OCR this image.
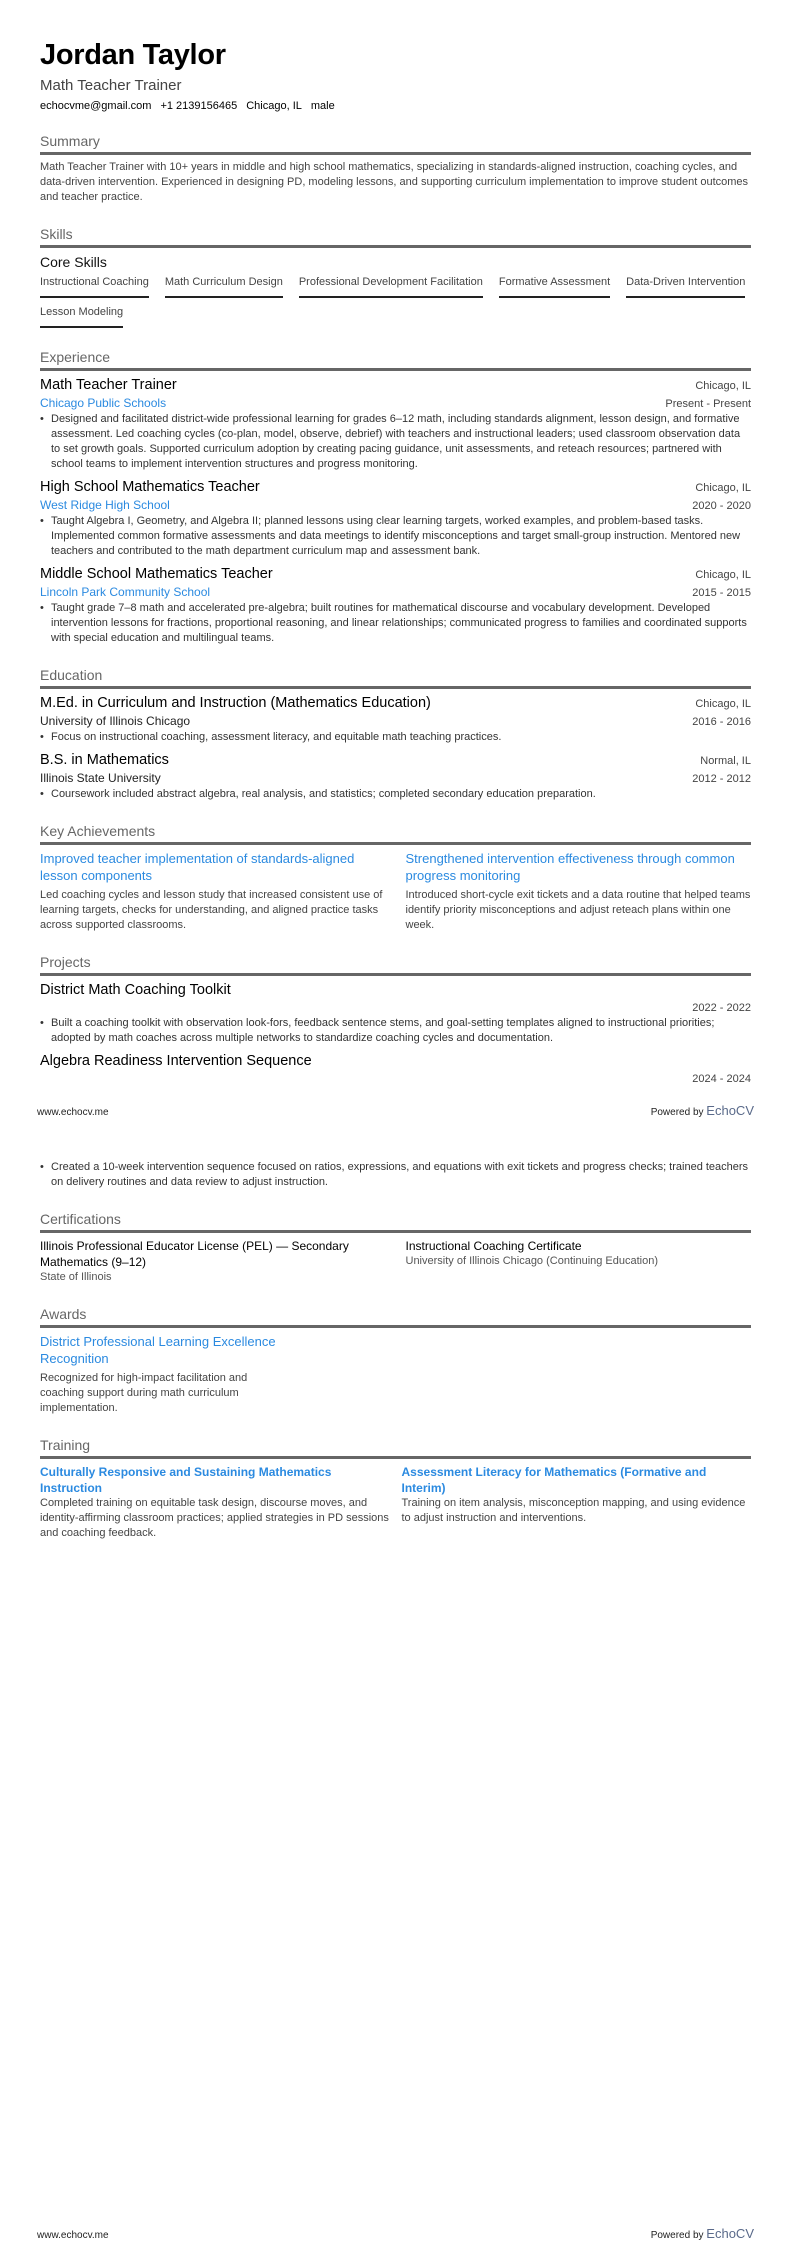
Jordan Taylor
Math Teacher Trainer
echocvme@gmail.com +1 2139156465 Chicago, IL male
Summary
Math Teacher Trainer with 10+ years in middle and high school mathematics, specializing in standards-aligned instruction, coaching cycles, and data-driven intervention. Experienced in designing PD, modeling lessons, and supporting curriculum implementation to improve student outcomes and teacher practice.
Skills
Core Skills
Instructional Coaching Math Curriculum Design Professional Development Facilitation Formative Assessment Data-Driven Intervention
Lesson Modeling
Experience
Math Teacher Trainer	Chicago, IL
Chicago Public Schools	Present - Present
• Designed and facilitated district-wide professional learning for grades 6–12 math, including standards alignment, lesson design, and formative assessment. Led coaching cycles (co-plan, model, observe, debrief) with teachers and instructional leaders; used classroom observation data to set growth goals. Supported curriculum adoption by creating pacing guidance, unit assessments, and reteach resources; partnered with school teams to implement intervention structures and progress monitoring.
High School Mathematics Teacher	Chicago, IL
West Ridge High School	2020 - 2020
• Taught Algebra I, Geometry, and Algebra II; planned lessons using clear learning targets, worked examples, and problem-based tasks. Implemented common formative assessments and data meetings to identify misconceptions and target small-group instruction. Mentored new teachers and contributed to the math department curriculum map and assessment bank.
Middle School Mathematics Teacher	Chicago, IL
Lincoln Park Community School	2015 - 2015
• Taught grade 7–8 math and accelerated pre-algebra; built routines for mathematical discourse and vocabulary development. Developed intervention lessons for fractions, proportional reasoning, and linear relationships; communicated progress to families and coordinated supports with special education and multilingual teams.
Education
M.Ed. in Curriculum and Instruction (Mathematics Education)	Chicago, IL
University of Illinois Chicago	2016 - 2016
• Focus on instructional coaching, assessment literacy, and equitable math teaching practices.
B.S. in Mathematics	Normal, IL
Illinois State University	2012 - 2012
• Coursework included abstract algebra, real analysis, and statistics; completed secondary education preparation.
Key Achievements
Improved teacher implementation of standards-aligned lesson components
Led coaching cycles and lesson study that increased consistent use of learning targets, checks for understanding, and aligned practice tasks across supported classrooms.
Strengthened intervention effectiveness through common progress monitoring
Introduced short-cycle exit tickets and a data routine that helped teams identify priority misconceptions and adjust reteach plans within one week.
Projects
District Math Coaching Toolkit
2022 - 2022
• Built a coaching toolkit with observation look-fors, feedback sentence stems, and goal-setting templates aligned to instructional priorities; adopted by math coaches across multiple networks to standardize coaching cycles and documentation.
Algebra Readiness Intervention Sequence
2024 - 2024
www.echocv.me	Powered by EchoCV
• Created a 10-week intervention sequence focused on ratios, expressions, and equations with exit tickets and progress checks; trained teachers on delivery routines and data review to adjust instruction.
Certifications
Illinois Professional Educator License (PEL) — Secondary Mathematics (9–12)
State of Illinois
Instructional Coaching Certificate
University of Illinois Chicago (Continuing Education)
Awards
District Professional Learning Excellence Recognition
Recognized for high-impact facilitation and coaching support during math curriculum implementation.
Training
Culturally Responsive and Sustaining Mathematics Instruction
Completed training on equitable task design, discourse moves, and identity-affirming classroom practices; applied strategies in PD sessions and coaching feedback.
Assessment Literacy for Mathematics (Formative and Interim)
Training on item analysis, misconception mapping, and using evidence to adjust instruction and interventions.
www.echocv.me	Powered by EchoCV
